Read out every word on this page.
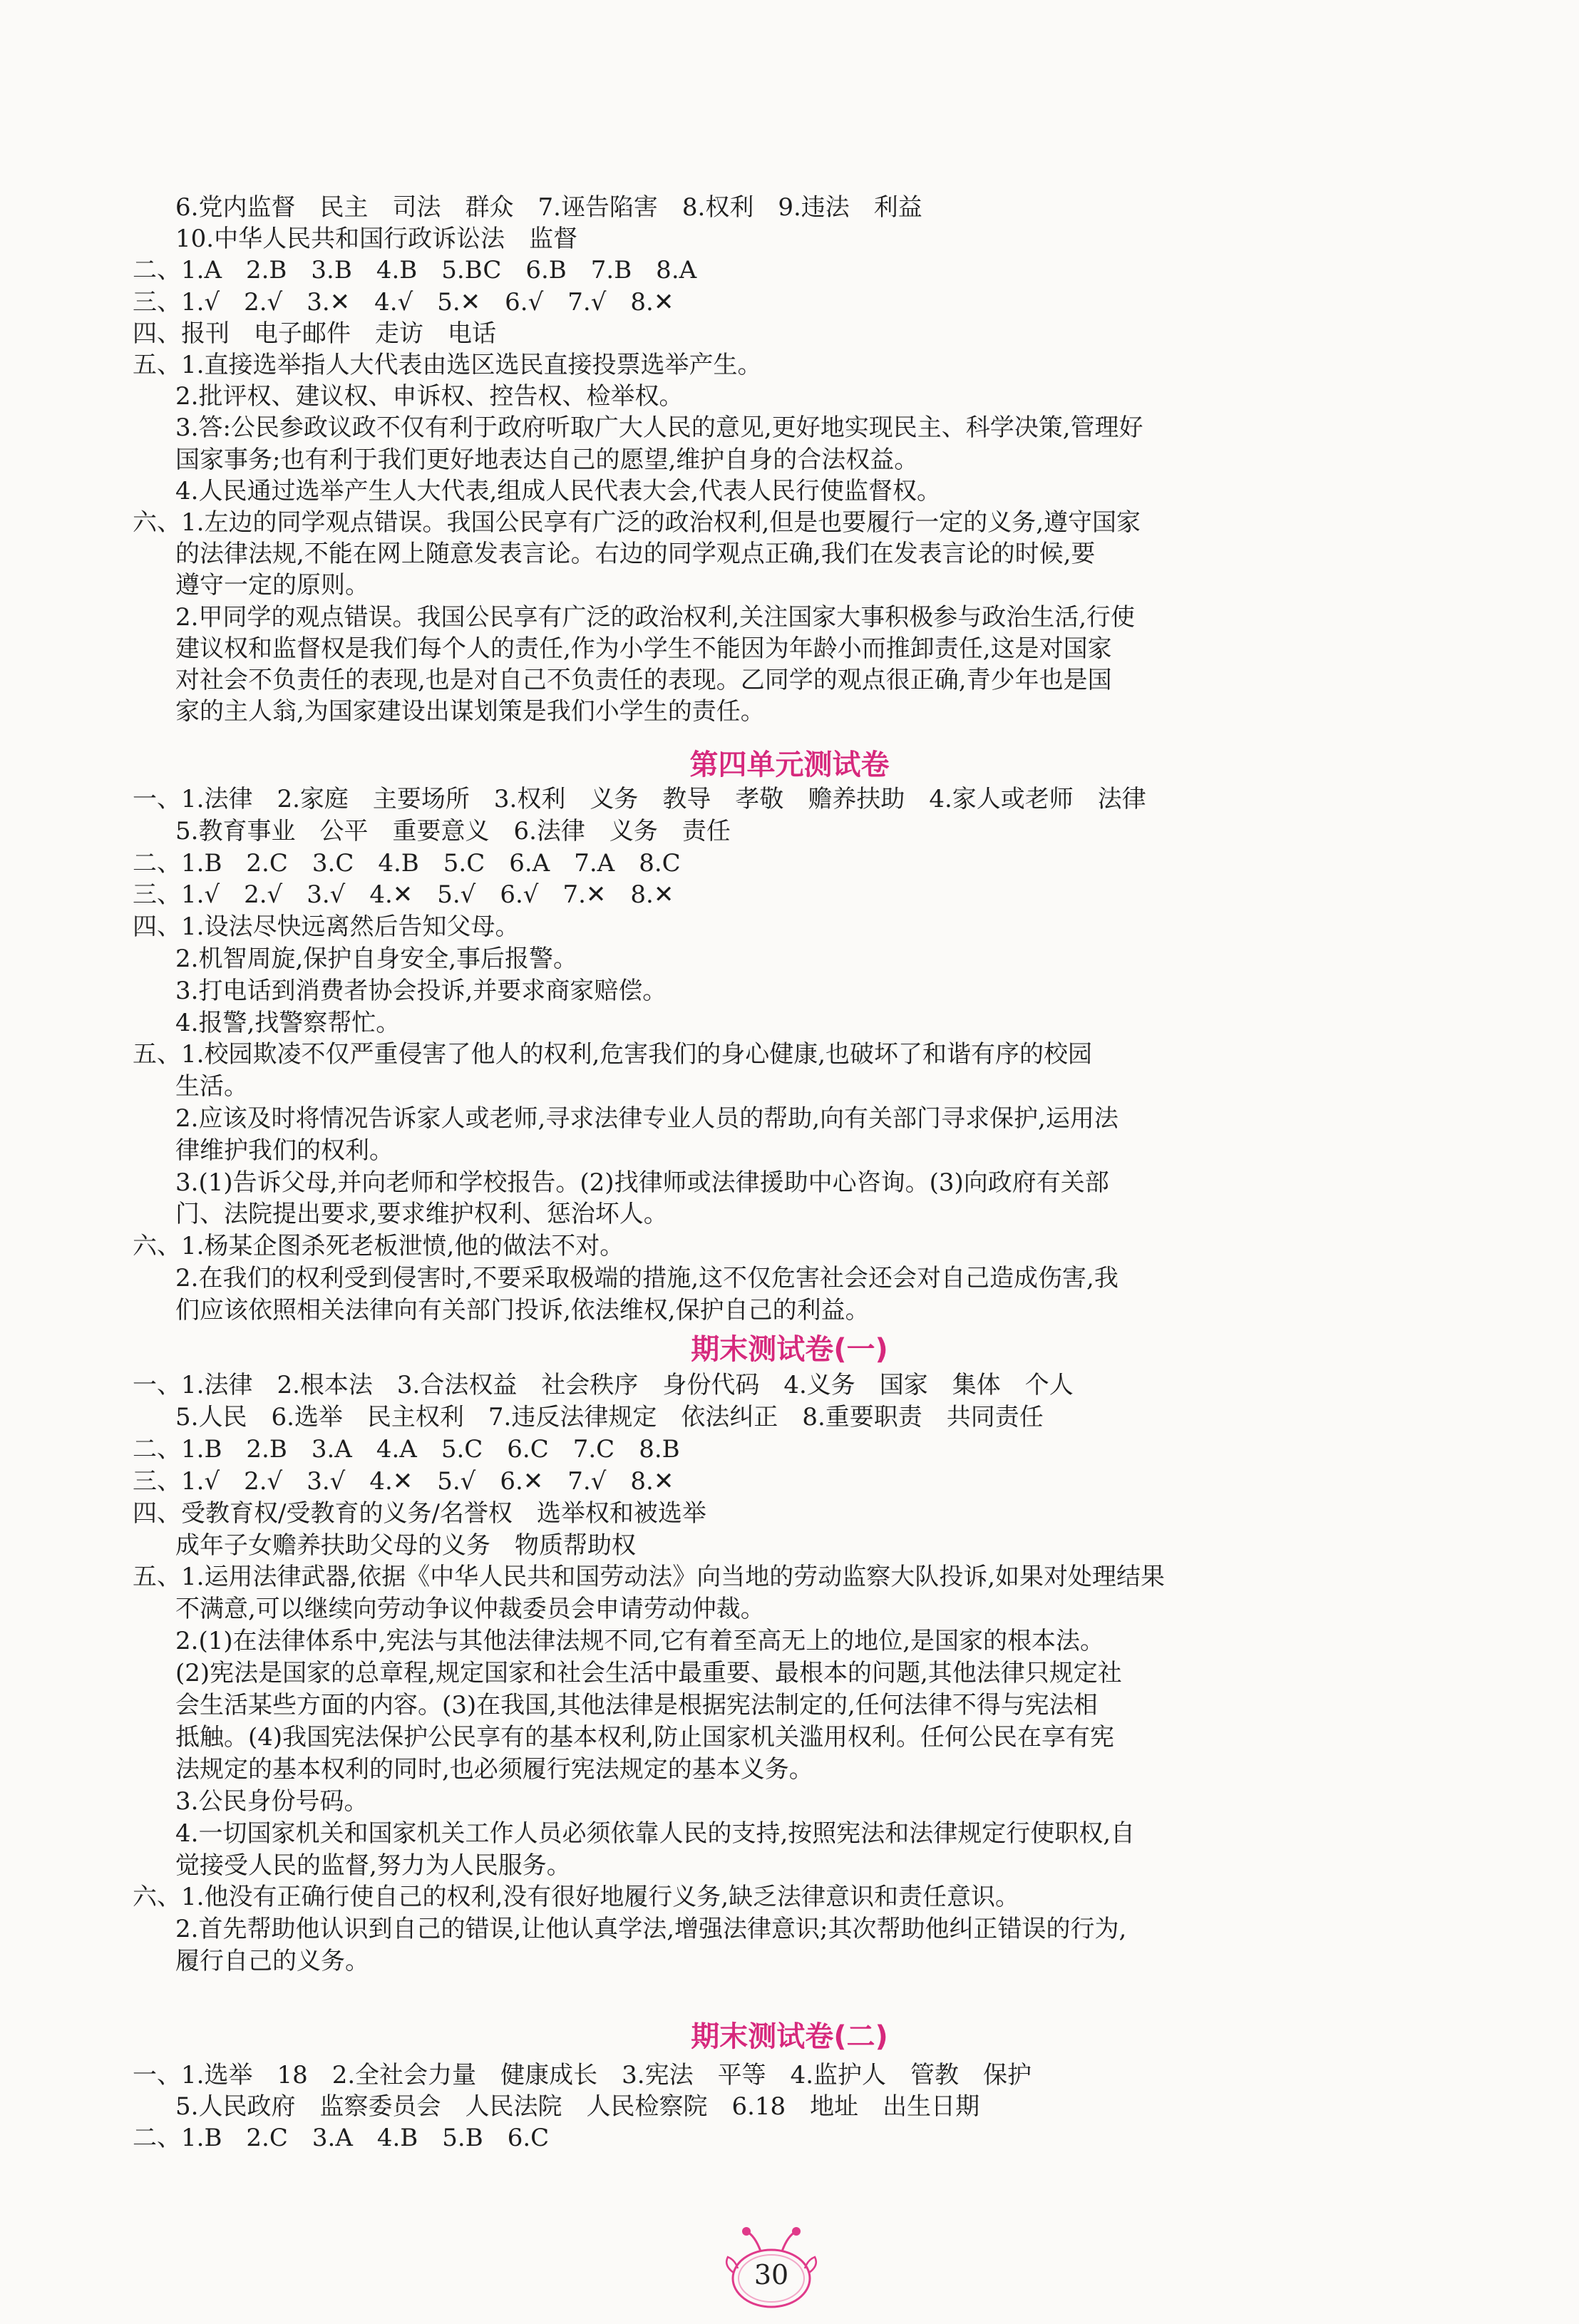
6.党内监督　民主　司法　群众　7.诬告陷害　8.权利　9.违法　利益
10.中华人民共和国行政诉讼法　监督
二、1.A　2.B　3.B　4.B　5.BC　6.B　7.B　8.A
三、1.√　2.√　3.✕　4.√　5.✕　6.√　7.√　8.✕
四、报刊　电子邮件　走访　电话
五、1.直接选举指人大代表由选区选民直接投票选举产生。
2.批评权、建议权、申诉权、控告权、检举权。
3.答:公民参政议政不仅有利于政府听取广大人民的意见,更好地实现民主、科学决策,管理好
国家事务;也有利于我们更好地表达自己的愿望,维护自身的合法权益。
4.人民通过选举产生人大代表,组成人民代表大会,代表人民行使监督权。
六、1.左边的同学观点错误。我国公民享有广泛的政治权利,但是也要履行一定的义务,遵守国家
的法律法规,不能在网上随意发表言论。右边的同学观点正确,我们在发表言论的时候,要
遵守一定的原则。
2.甲同学的观点错误。我国公民享有广泛的政治权利,关注国家大事积极参与政治生活,行使
建议权和监督权是我们每个人的责任,作为小学生不能因为年龄小而推卸责任,这是对国家
对社会不负责任的表现,也是对自己不负责任的表现。乙同学的观点很正确,青少年也是国
家的主人翁,为国家建设出谋划策是我们小学生的责任。
第四单元测试卷
一、1.法律　2.家庭　主要场所　3.权利　义务　教导　孝敬　赡养扶助　4.家人或老师　法律
5.教育事业　公平　重要意义　6.法律　义务　责任
二、1.B　2.C　3.C　4.B　5.C　6.A　7.A　8.C
三、1.√　2.√　3.√　4.✕　5.√　6.√　7.✕　8.✕
四、1.设法尽快远离然后告知父母。
2.机智周旋,保护自身安全,事后报警。
3.打电话到消费者协会投诉,并要求商家赔偿。
4.报警,找警察帮忙。
五、1.校园欺凌不仅严重侵害了他人的权利,危害我们的身心健康,也破坏了和谐有序的校园
生活。
2.应该及时将情况告诉家人或老师,寻求法律专业人员的帮助,向有关部门寻求保护,运用法
律维护我们的权利。
3.(1)告诉父母,并向老师和学校报告。(2)找律师或法律援助中心咨询。(3)向政府有关部
门、法院提出要求,要求维护权利、惩治坏人。
六、1.杨某企图杀死老板泄愤,他的做法不对。
2.在我们的权利受到侵害时,不要采取极端的措施,这不仅危害社会还会对自己造成伤害,我
们应该依照相关法律向有关部门投诉,依法维权,保护自己的利益。
期末测试卷(一)
一、1.法律　2.根本法　3.合法权益　社会秩序　身份代码　4.义务　国家　集体　个人
5.人民　6.选举　民主权利　7.违反法律规定　依法纠正　8.重要职责　共同责任
二、1.B　2.B　3.A　4.A　5.C　6.C　7.C　8.B
三、1.√　2.√　3.√　4.✕　5.√　6.✕　7.√　8.✕
四、受教育权/受教育的义务/名誉权　选举权和被选举
成年子女赡养扶助父母的义务　物质帮助权
五、1.运用法律武器,依据《中华人民共和国劳动法》向当地的劳动监察大队投诉,如果对处理结果
不满意,可以继续向劳动争议仲裁委员会申请劳动仲裁。
2.(1)在法律体系中,宪法与其他法律法规不同,它有着至高无上的地位,是国家的根本法。
(2)宪法是国家的总章程,规定国家和社会生活中最重要、最根本的问题,其他法律只规定社
会生活某些方面的内容。(3)在我国,其他法律是根据宪法制定的,任何法律不得与宪法相
抵触。(4)我国宪法保护公民享有的基本权利,防止国家机关滥用权利。任何公民在享有宪
法规定的基本权利的同时,也必须履行宪法规定的基本义务。
3.公民身份号码。
4.一切国家机关和国家机关工作人员必须依靠人民的支持,按照宪法和法律规定行使职权,自
觉接受人民的监督,努力为人民服务。
六、1.他没有正确行使自己的权利,没有很好地履行义务,缺乏法律意识和责任意识。
2.首先帮助他认识到自己的错误,让他认真学法,增强法律意识;其次帮助他纠正错误的行为,
履行自己的义务。
期末测试卷(二)
一、1.选举　18　2.全社会力量　健康成长　3.宪法　平等　4.监护人　管教　保护
5.人民政府　监察委员会　人民法院　人民检察院　6.18　地址　出生日期
二、1.B　2.C　3.A　4.B　5.B　6.C
30
